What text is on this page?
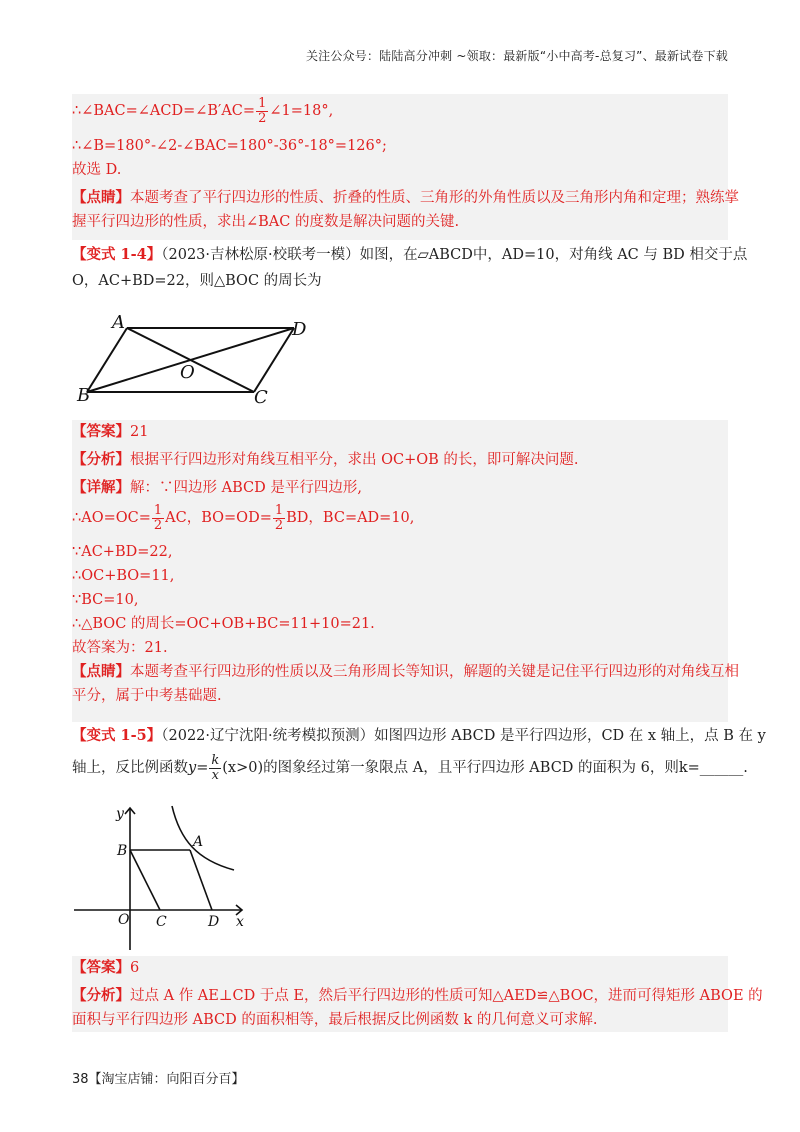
关注公众号：陆陆高分冲刺 ~领取：最新版“小中高考-总复习”、最新试卷下载
∴∠BAC=∠ACD=∠B′AC= $\frac{1}{2}$ ∠1=18°,
∴∠B=180°-∠2-∠BAC=180°-36°-18°=126°;
故选 D.
【点睛】本题考查了平行四边形的性质、折叠的性质、三角形的外角性质以及三角形内角和定理；熟练掌
握平行四边形的性质，求出∠BAC 的度数是解决问题的关键.
【变式 1-4】（2023·吉林松原·校联考一模）如图，在▱ABCD中，AD=10，对角线 AC 与 BD 相交于点
O，AC+BD=22，则△BOC 的周长为
A	D
B	C
O
【答案】21
【分析】根据平行四边形对角线互相平分，求出 OC+OB 的长，即可解决问题.
【详解】解：∵四边形 ABCD 是平行四边形,
∴AO=OC= $\frac{1}{2}$ AC，$BO=OD= \frac{1}{2}$ BD，BC=AD=10,
∵AC+BD=22,
∴OC+BO=11,
∵BC=10,
∴△BOC 的周长=OC+OB+BC=11+10=21.
故答案为：21.
【点睛】本题考查平行四边形的性质以及三角形周长等知识，解题的关键是记住平行四边形的对角线互相
平分，属于中考基础题.
【变式 1-5】（2022·辽宁沈阳·统考模拟预测）如图四边形 ABCD 是平行四边形，CD 在 x 轴上，点 B 在 y
轴上，反比例函数$y= \frac{k}{x} (x>0)$的图象经过第一象限点 A，且平行四边形 ABCD 的面积为 6，则k=______.
y
x
O
B
A
C	D
【答案】6
【分析】过点 A 作 AE⊥CD 于点 E，然后平行四边形的性质可知△AED≌△BOC，进而可得矩形 ABOE 的
面积与平行四边形 ABCD 的面积相等，最后根据反比例函数 k 的几何意义可求解.
38【淘宝店铺：向阳百分百】
